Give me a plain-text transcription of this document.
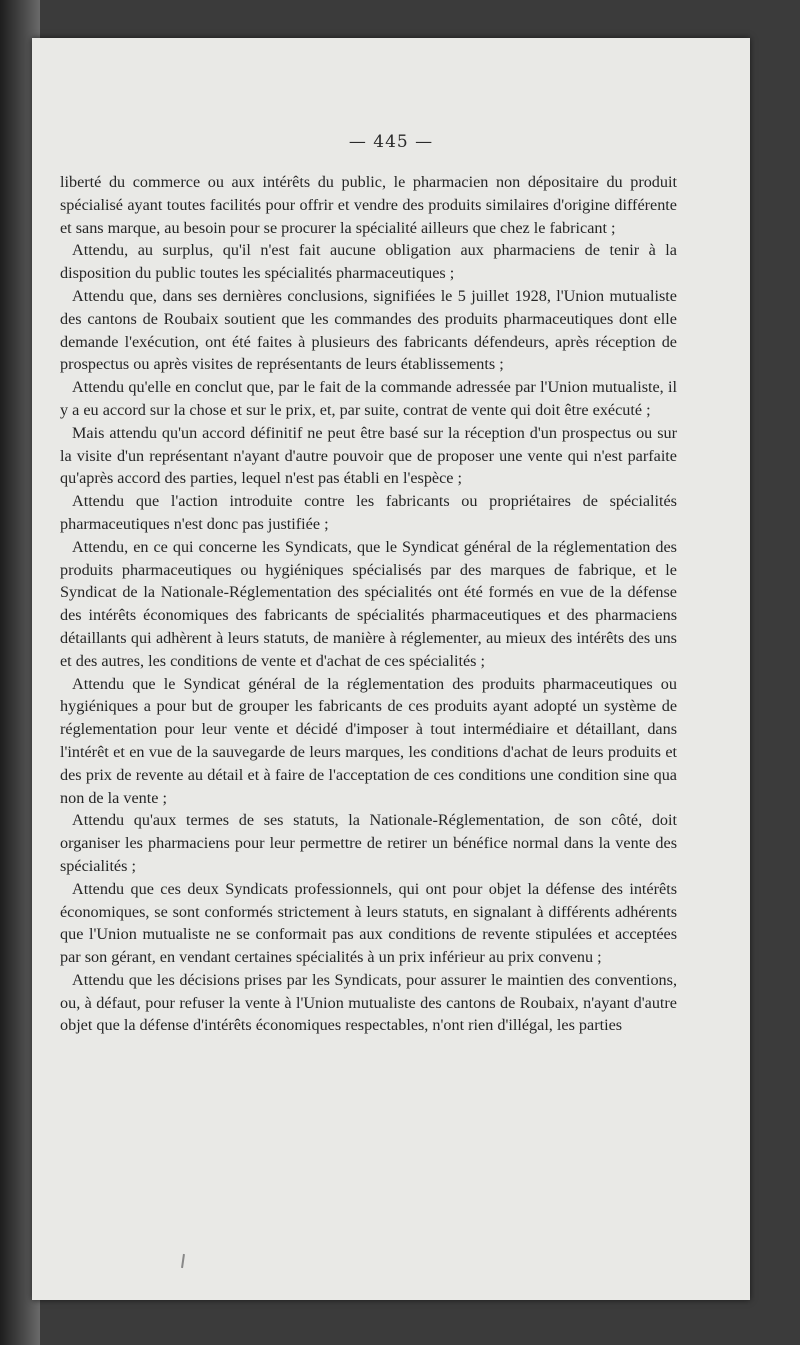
— 445 —

liberté du commerce ou aux intérêts du public, le pharmacien non dépositaire du produit spécialisé ayant toutes facilités pour offrir et vendre des produits similaires d'origine différente et sans marque, au besoin pour se procurer la spécialité ailleurs que chez le fabricant ;

Attendu, au surplus, qu'il n'est fait aucune obligation aux pharmaciens de tenir à la disposition du public toutes les spécialités pharmaceutiques ;

Attendu que, dans ses dernières conclusions, signifiées le 5 juillet 1928, l'Union mutualiste des cantons de Roubaix soutient que les commandes des produits pharmaceutiques dont elle demande l'exécution, ont été faites à plusieurs des fabricants défendeurs, après réception de prospectus ou après visites de représentants de leurs établissements ;

Attendu qu'elle en conclut que, par le fait de la commande adressée par l'Union mutualiste, il y a eu accord sur la chose et sur le prix, et, par suite, contrat de vente qui doit être exécuté ;

Mais attendu qu'un accord définitif ne peut être basé sur la réception d'un prospectus ou sur la visite d'un représentant n'ayant d'autre pouvoir que de proposer une vente qui n'est parfaite qu'après accord des parties, lequel n'est pas établi en l'espèce ;

Attendu que l'action introduite contre les fabricants ou propriétaires de spécialités pharmaceutiques n'est donc pas justifiée ;

Attendu, en ce qui concerne les Syndicats, que le Syndicat général de la réglementation des produits pharmaceutiques ou hygiéniques spécialisés par des marques de fabrique, et le Syndicat de la Nationale-Réglementation des spécialités ont été formés en vue de la défense des intérêts économiques des fabricants de spécialités pharmaceutiques et des pharmaciens détaillants qui adhèrent à leurs statuts, de manière à réglementer, au mieux des intérêts des uns et des autres, les conditions de vente et d'achat de ces spécialités ;

Attendu que le Syndicat général de la réglementation des produits pharmaceutiques ou hygiéniques a pour but de grouper les fabricants de ces produits ayant adopté un système de réglementation pour leur vente et décidé d'imposer à tout intermédiaire et détaillant, dans l'intérêt et en vue de la sauvegarde de leurs marques, les conditions d'achat de leurs produits et des prix de revente au détail et à faire de l'acceptation de ces conditions une condition sine qua non de la vente ;

Attendu qu'aux termes de ses statuts, la Nationale-Réglementation, de son côté, doit organiser les pharmaciens pour leur permettre de retirer un bénéfice normal dans la vente des spécialités ;

Attendu que ces deux Syndicats professionnels, qui ont pour objet la défense des intérêts économiques, se sont conformés strictement à leurs statuts, en signalant à différents adhérents que l'Union mutualiste ne se conformait pas aux conditions de revente stipulées et acceptées par son gérant, en vendant certaines spécialités à un prix inférieur au prix convenu ;

Attendu que les décisions prises par les Syndicats, pour assurer le maintien des conventions, ou, à défaut, pour refuser la vente à l'Union mutualiste des cantons de Roubaix, n'ayant d'autre objet que la défense d'intérêts économiques respectables, n'ont rien d'illégal, les parties
